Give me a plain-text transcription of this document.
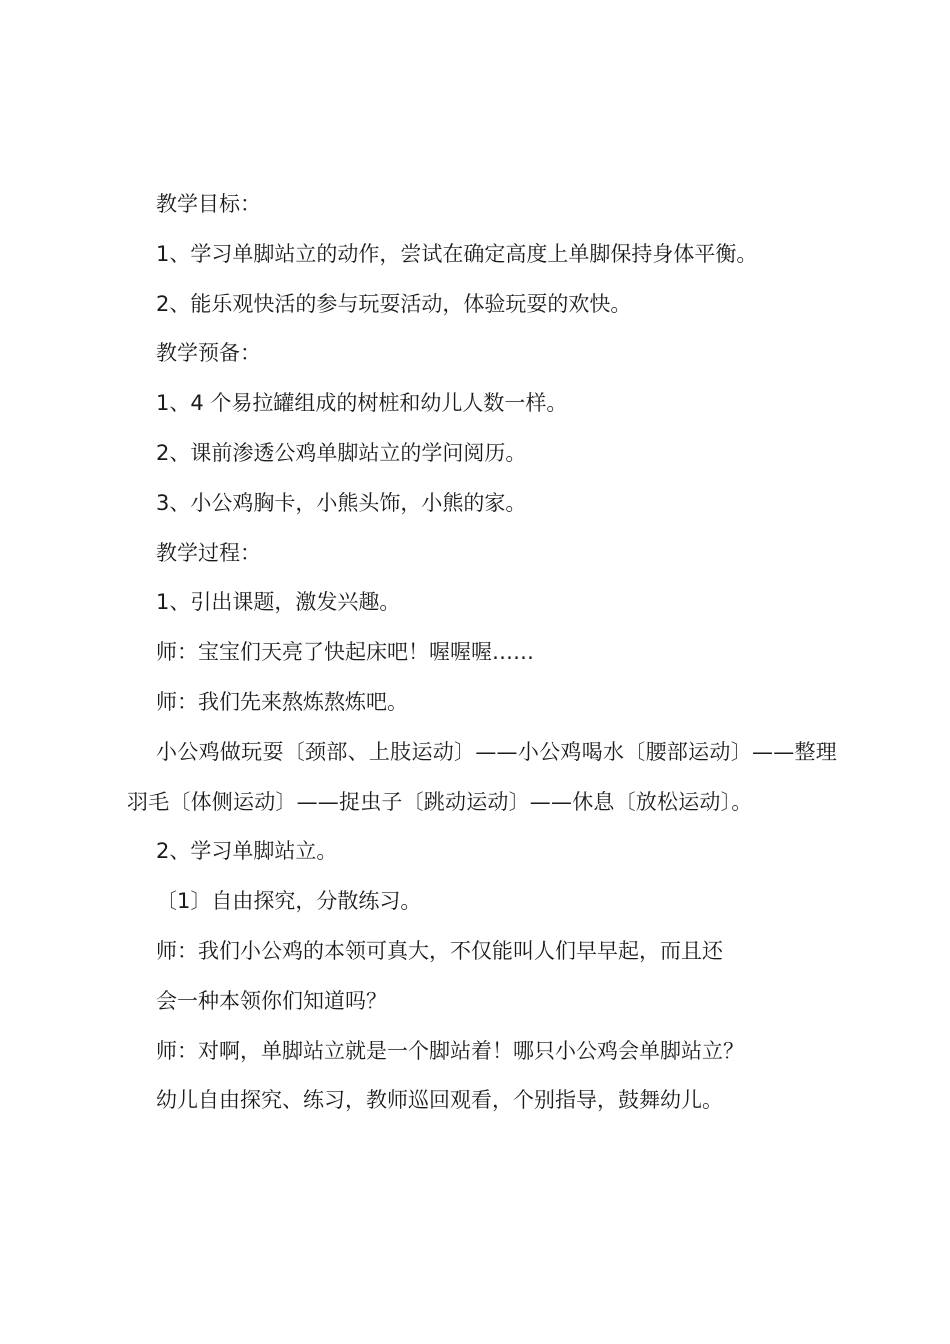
教学目标：
1、学习单脚站立的动作，尝试在确定高度上单脚保持身体平衡。
2、能乐观快活的参与玩耍活动，体验玩耍的欢快。
教学预备：
1、4 个易拉罐组成的树桩和幼儿人数一样。
2、课前渗透公鸡单脚站立的学问阅历。
3、小公鸡胸卡，小熊头饰，小熊的家。
教学过程：
1、引出课题，激发兴趣。
师：宝宝们天亮了快起床吧！喔喔喔……
师：我们先来熬炼熬炼吧。

小公鸡做玩耍〔颈部、上肢运动〕——小公鸡喝水〔腰部运动〕——整理羽毛〔体侧运动〕——捉虫子〔跳动运动〕——休息〔放松运动〕。

2、学习单脚站立。
〔1〕自由探究，分散练习。
师：我们小公鸡的本领可真大，不仅能叫人们早早起，而且还
会一种本领你们知道吗？
师：对啊，单脚站立就是一个脚站着！哪只小公鸡会单脚站立？
幼儿自由探究、练习，教师巡回观看，个别指导，鼓舞幼儿。
